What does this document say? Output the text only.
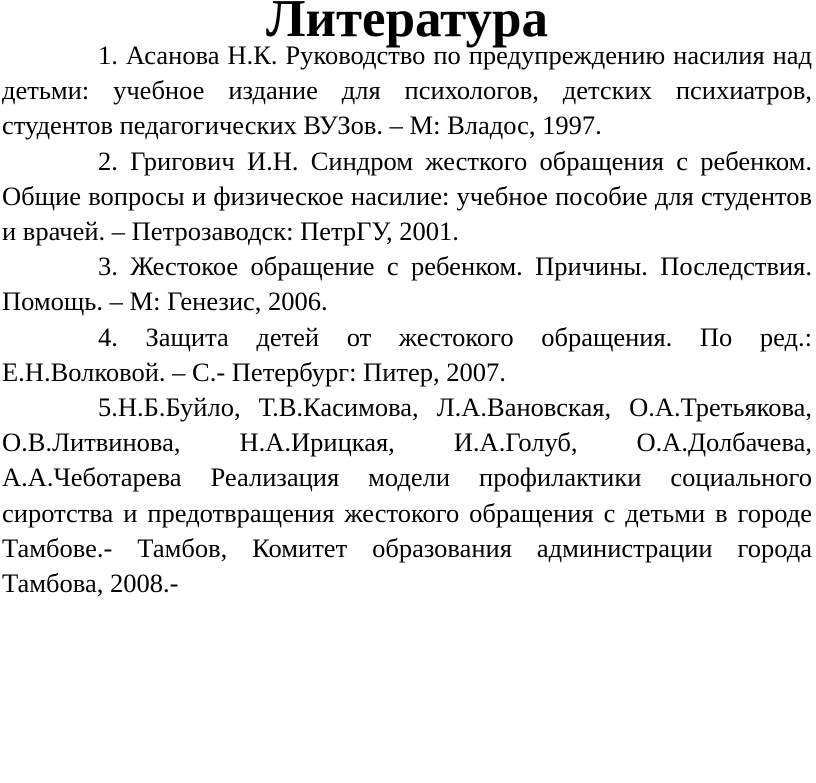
Литература

1. Асанова Н.К. Руководство по предупреждению насилия над детьми: учебное издание для психологов, детских психиатров, студентов педагогических ВУЗов. – М: Владос, 1997.

2. Григович И.Н. Синдром жесткого обращения с ребенком. Общие вопросы и физическое насилие: учебное пособие для студентов и врачей. – Петрозаводск: ПетрГУ, 2001.

3. Жестокое обращение с ребенком. Причины. Последствия. Помощь. – М: Генезис, 2006.

4. Защита детей от жестокого обращения. По ред.: Е.Н.Волковой. – С.- Петербург: Питер, 2007.

5.Н.Б.Буйло, Т.В.Касимова, Л.А.Вановская, О.А.Третьякова, О.В.Литвинова, Н.А.Ирицкая, И.А.Голуб, О.А.Долбачева, А.А.Чеботарева Реализация модели профилактики социального сиротства и предотвращения жестокого обращения с детьми в городе Тамбове.- Тамбов, Комитет образования администрации города Тамбова, 2008.-
